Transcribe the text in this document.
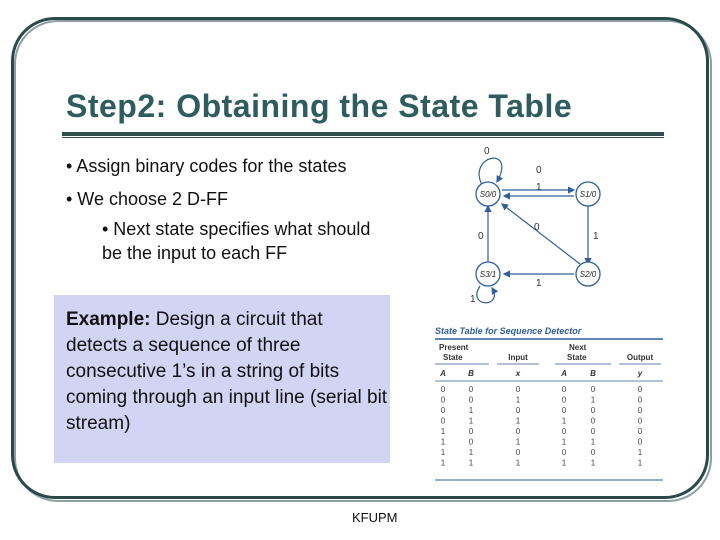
Step2: Obtaining the State Table
• Assign binary codes for the states
• We choose 2 D-FF
• Next state specifies what should
be the input to each FF
Example: Design a circuit that detects a sequence of three consecutive 1’s in a string of bits coming through an input line (serial bit stream)
0
0
1
0
0	1
1
1
S0/0	S1/0
S2/0
S3/1
State Table for Sequence Detector
Present
State	Input
Next
State	Output
A	B	x	A	B	y
0	0	0	0	0	0
0	0	1	0	1	0
0	1	0	0	0	0
0	1	1	1	0	0
1	0	0	0	0	0
1	0	1	1	1	0
1	1	0	0	0	1
1	1	1	1	1	1
KFUPM
